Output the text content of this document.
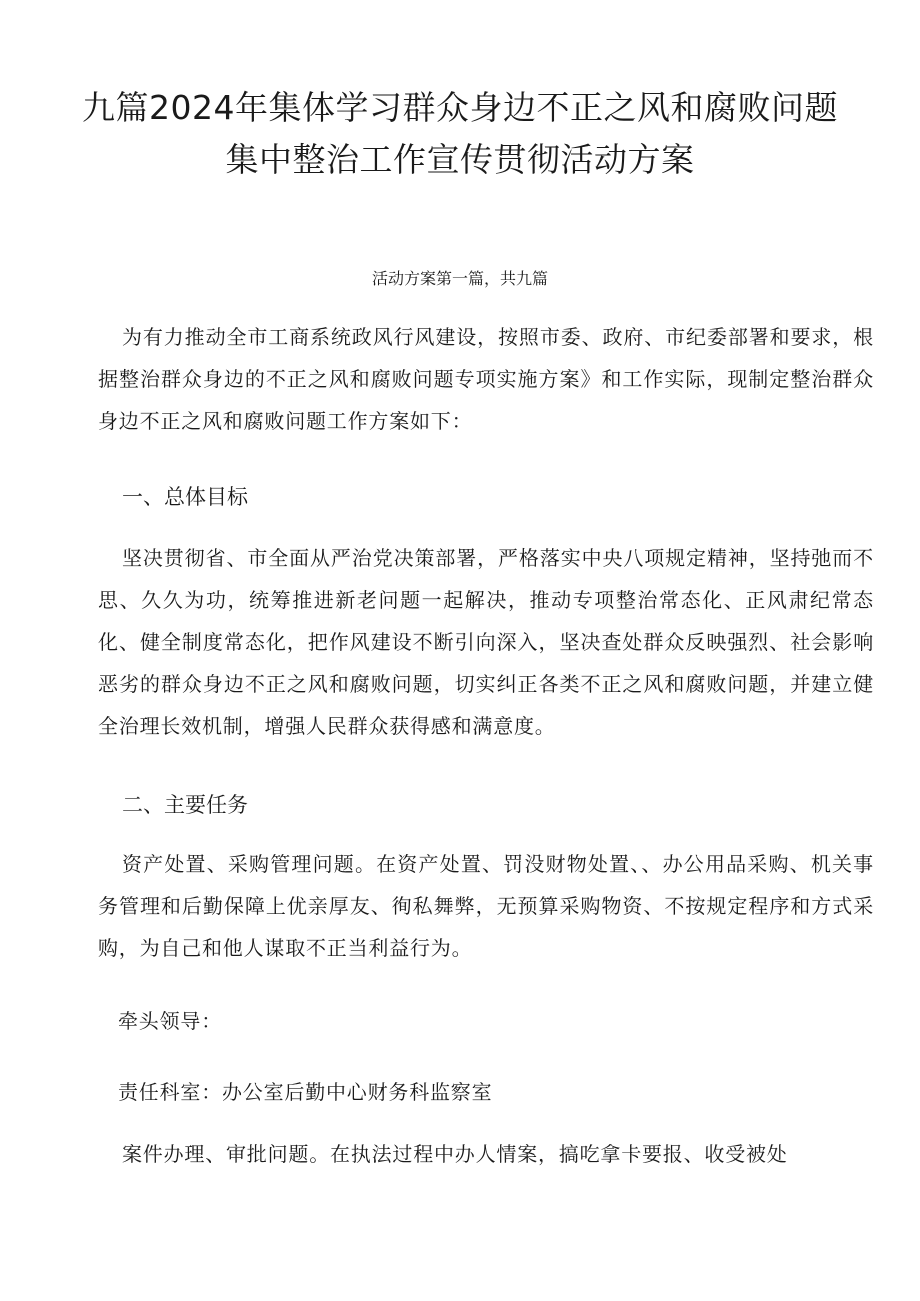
九篇2024年集体学习群众身边不正之风和腐败问题
集中整治工作宣传贯彻活动方案

活动方案第一篇，共九篇

为有力推动全市工商系统政风行风建设，按照市委、政府、市纪委部署和要求，根据整治群众身边的不正之风和腐败问题专项实施方案》和工作实际，现制定整治群众身边不正之风和腐败问题工作方案如下：

一、总体目标

坚决贯彻省、市全面从严治党决策部署，严格落实中央八项规定精神，坚持弛而不思、久久为功，统筹推进新老问题一起解决，推动专项整治常态化、正风肃纪常态化、健全制度常态化，把作风建设不断引向深入，坚决查处群众反映强烈、社会影响恶劣的群众身边不正之风和腐败问题，切实纠正各类不正之风和腐败问题，并建立健全治理长效机制，增强人民群众获得感和满意度。

二、主要任务

资产处置、采购管理问题。在资产处置、罚没财物处置、、办公用品采购、机关事务管理和后勤保障上优亲厚友、徇私舞弊，无预算采购物资、不按规定程序和方式采购，为自己和他人谋取不正当利益行为。

牵头领导：

责任科室：办公室后勤中心财务科监察室

案件办理、审批问题。在执法过程中办人情案，搞吃拿卡要报、收受被处
